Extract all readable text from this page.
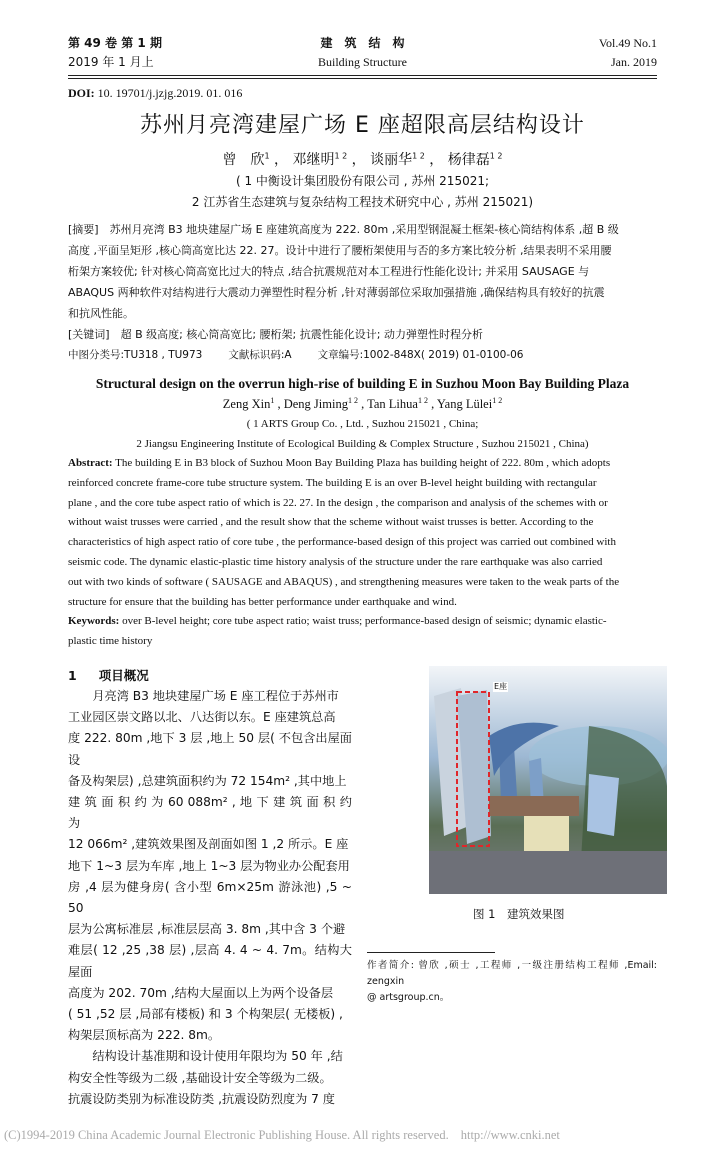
第 49 卷 第 1 期	建　筑　结　构	Vol.49 No.1
2019 年 1 月上	Building Structure	Jan. 2019
DOI: 10. 19701/j.jzjg.2019. 01. 016
苏州月亮湾建屋广场 E 座超限高层结构设计
曾　欣$^1$ ， 邓继明$^{1 2}$ ， 谈丽华$^{1 2}$ ， 杨律磊$^{1 2}$
( 1 中衡设计集团股份有限公司 , 苏州 215021;
2 江苏省生态建筑与复杂结构工程技术研究中心 , 苏州 215021)
[摘要]　 苏州月亮湾 B3 地块建屋广场 E 座建筑高度为 222. 80m ,采用型钢混凝土框架-核心筒结构体系 ,超 B 级
高度 ,平面呈矩形 ,核心筒高宽比达 22. 27。设计中进行了腰桁架使用与否的多方案比较分析 ,结果表明不采用腰
桁架方案较优; 针对核心筒高宽比过大的特点 ,结合抗震规范对本工程进行性能化设计; 并采用 SAUSAGE 与
ABAQUS 两种软件对结构进行大震动力弹塑性时程分析 ,针对薄弱部位采取加强措施 ,确保结构具有较好的抗震
和抗风性能。
[关键词]　 超 B 级高度; 核心筒高宽比; 腰桁架; 抗震性能化设计; 动力弹塑性时程分析
中图分类号:TU318 , TU973 文献标识码:A 文章编号:1002-848X( 2019) 01-0100-06
Structural design on the overrun high-rise of building E in Suzhou Moon Bay Building Plaza
Zeng Xin$^1$ , Deng Jiming$^{1 2}$ , Tan Lihua$^{1 2}$ , Yang Lülei$^{1 2}$
( 1 ARTS Group Co. , Ltd. , Suzhou 215021 , China;
2 Jiangsu Engineering Institute of Ecological Building & Complex Structure , Suzhou 215021 , China)
Abstract: The building E in B3 block of Suzhou Moon Bay Building Plaza has building height of 222. 80m , which adopts
reinforced concrete frame-core tube structure system. The building E is an over B-level height building with rectangular
plane , and the core tube aspect ratio of which is 22. 27. In the design , the comparison and analysis of the schemes with or
without waist trusses were carried , and the result show that the scheme without waist trusses is better. According to the
characteristics of high aspect ratio of core tube , the performance-based design of this project was carried out combined with
seismic code. The dynamic elastic-plastic time history analysis of the structure under the rare earthquake was also carried
out with two kinds of software ( SAUSAGE and ABAQUS) , and strengthening measures were taken to the weak parts of the
structure for ensure that the building has better performance under earthquake and wind.
Keywords: over B-level height; core tube aspect ratio; waist truss; performance-based design of seismic; dynamic elastic-
plastic time history
1 项目概况
　　月亮湾 B3 地块建屋广场 E 座工程位于苏州市
工业园区崇文路以北、八达街以东。E 座建筑总高
度 222. 80m ,地下 3 层 ,地上 50 层( 不包含出屋面设
备及构架层) ,总建筑面积约为 72 154m² ,其中地上
建 筑 面 积 约 为 60 088m² , 地 下 建 筑 面 积 约 为
12 066m² ,建筑效果图及剖面如图 1 ,2 所示。E 座
地下 1~3 层为车库 ,地上 1~3 层为物业办公配套用
房 ,4 层为健身房( 含小型 6m×25m 游泳池) ,5 ~ 50
层为公寓标准层 ,标准层层高 3. 8m ,其中含 3 个避
难层( 12 ,25 ,38 层) ,层高 4. 4 ~ 4. 7m。结构大屋面
高度为 202. 70m ,结构大屋面以上为两个设备层
( 51 ,52 层 ,局部有楼板) 和 3 个构架层( 无楼板) ,
构架层顶标高为 222. 8m。
　　结构设计基准期和设计使用年限均为 50 年 ,结
构安全性等级为二级 ,基础设计安全等级为二级。
抗震设防类别为标准设防类 ,抗震设防烈度为 7 度
E座
图 1　建筑效果图
作者简介: 曾欣 ,硕士 ,工程师 ,一级注册结构工程师 ,Email: zengxin
@ artsgroup.cn。
(C)1994-2019 China Academic Journal Electronic Publishing House. All rights reserved. http://www.cnki.net
